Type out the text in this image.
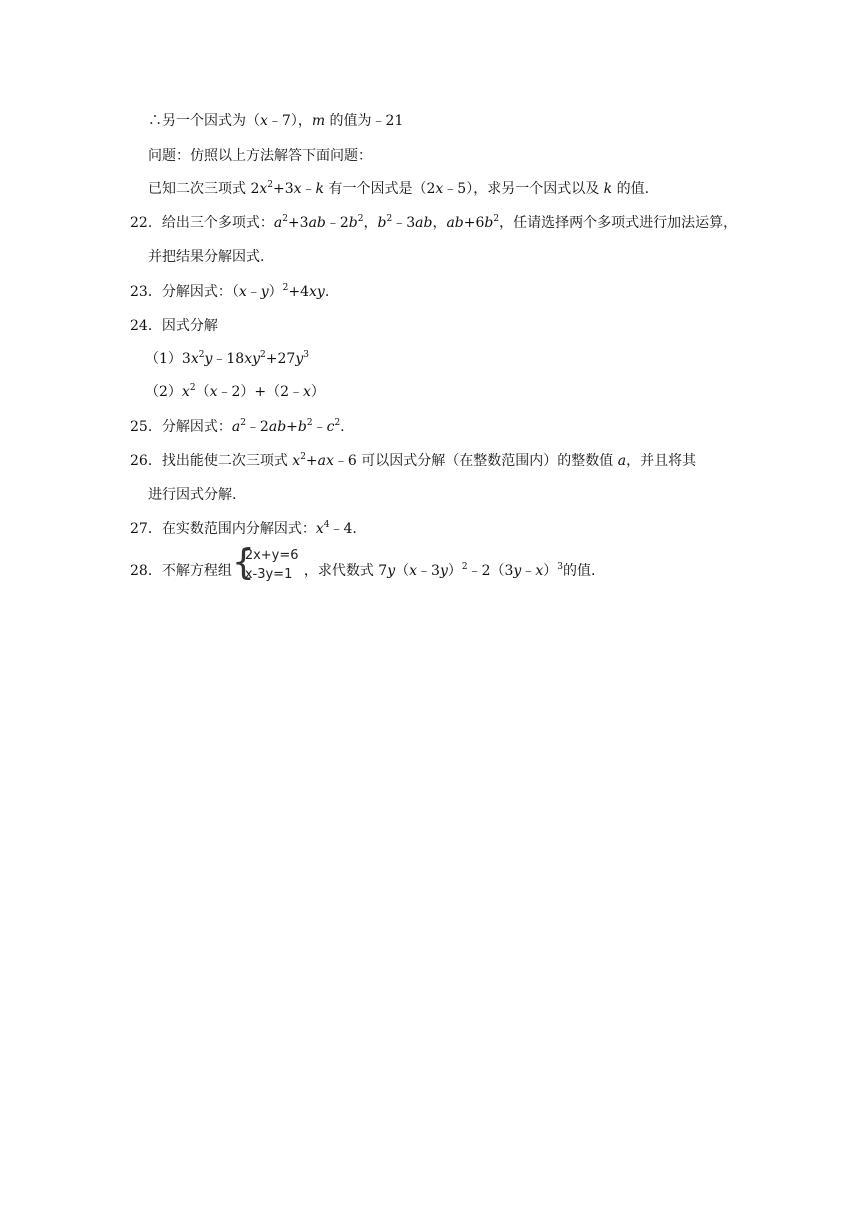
∴另一个因式为（x﹣7），m 的值为﹣21
问题：仿照以上方法解答下面问题：
已知二次三项式 $2x^2+3x﹣k$ 有一个因式是（2x﹣5），求另一个因式以及 k 的值.
22．给出三个多项式：$a^2+3ab﹣2b^2$，$b^2﹣3ab$，$ab+6b^2$，任请选择两个多项式进行加法运算，
并把结果分解因式.
23．分解因式：（x﹣y）$^2$+4xy.
24．因式分解
$(1)3x^2y﹣18xy^2+27y^3$
$(2)x^2(x﹣2)+(2﹣x)$
25．分解因式：$a^2﹣2ab+b^2﹣c^2$.
26．找出能使二次三项式 $x^2+ax﹣6$ 可以因式分解（在整数范围内）的整数值 a，并且将其
进行因式分解.
27．在实数范围内分解因式：$x^4﹣4$.
28．不解方程组 {
2x+y=6
x-3y=1 ，求代数式 7y（x﹣3y）$^2$﹣2（3y﹣x）$^3$的值.
